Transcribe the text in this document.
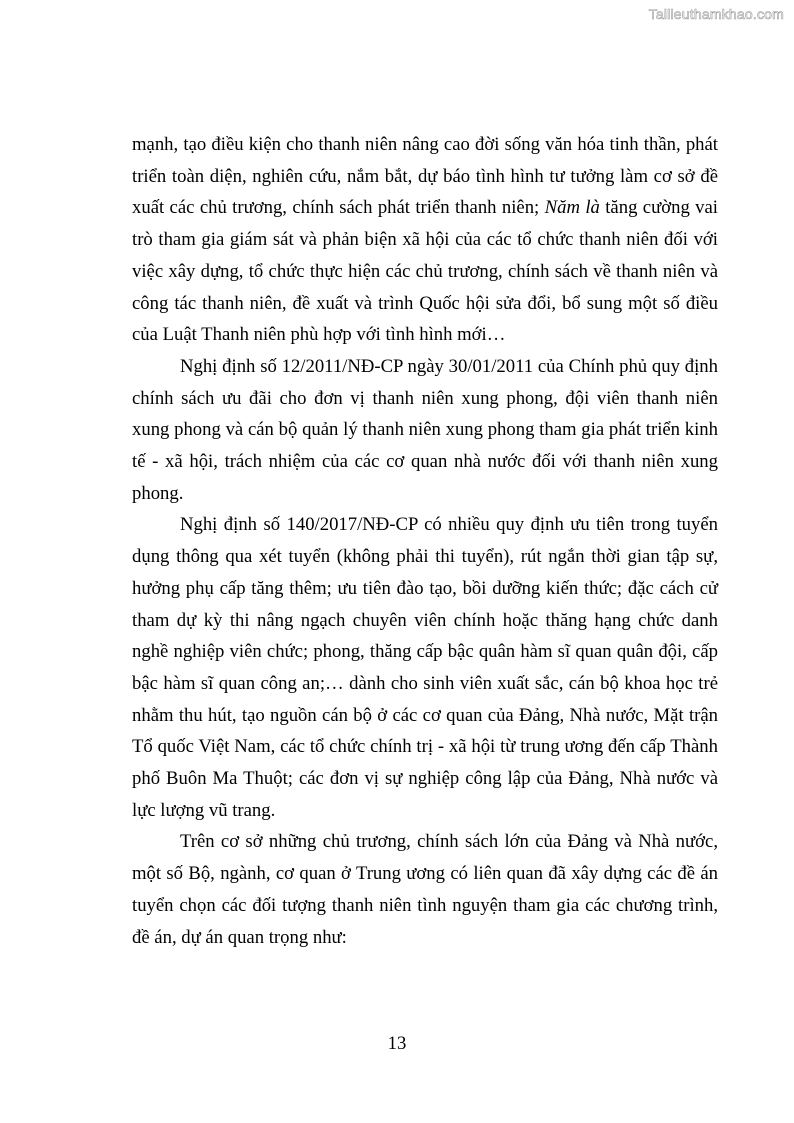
Tailieuthamkhao.com

mạnh, tạo điều kiện cho thanh niên nâng cao đời sống văn hóa tinh thần, phát triển toàn diện, nghiên cứu, nắm bắt, dự báo tình hình tư tưởng làm cơ sở đề xuất các chủ trương, chính sách phát triển thanh niên; Năm là tăng cường vai trò tham gia giám sát và phản biện xã hội của các tổ chức thanh niên đối với việc xây dựng, tổ chức thực hiện các chủ trương, chính sách về thanh niên và công tác thanh niên, đề xuất và trình Quốc hội sửa đổi, bổ sung một số điều của Luật Thanh niên phù hợp với tình hình mới…

Nghị định số 12/2011/NĐ-CP ngày 30/01/2011 của Chính phủ quy định chính sách ưu đãi cho đơn vị thanh niên xung phong, đội viên thanh niên xung phong và cán bộ quản lý thanh niên xung phong tham gia phát triển kinh tế - xã hội, trách nhiệm của các cơ quan nhà nước đối với thanh niên xung phong.

Nghị định số 140/2017/NĐ-CP có nhiều quy định ưu tiên trong tuyển dụng thông qua xét tuyển (không phải thi tuyển), rút ngắn thời gian tập sự, hưởng phụ cấp tăng thêm; ưu tiên đào tạo, bồi dưỡng kiến thức; đặc cách cử tham dự kỳ thi nâng ngạch chuyên viên chính hoặc thăng hạng chức danh nghề nghiệp viên chức; phong, thăng cấp bậc quân hàm sĩ quan quân đội, cấp bậc hàm sĩ quan công an;… dành cho sinh viên xuất sắc, cán bộ khoa học trẻ nhằm thu hút, tạo nguồn cán bộ ở các cơ quan của Đảng, Nhà nước, Mặt trận Tổ quốc Việt Nam, các tổ chức chính trị - xã hội từ trung ương đến cấp Thành phố Buôn Ma Thuột; các đơn vị sự nghiệp công lập của Đảng, Nhà nước và lực lượng vũ trang.

Trên cơ sở những chủ trương, chính sách lớn của Đảng và Nhà nước, một số Bộ, ngành, cơ quan ở Trung ương có liên quan đã xây dựng các đề án tuyển chọn các đối tượng thanh niên tình nguyện tham gia các chương trình, đề án, dự án quan trọng như:

13
